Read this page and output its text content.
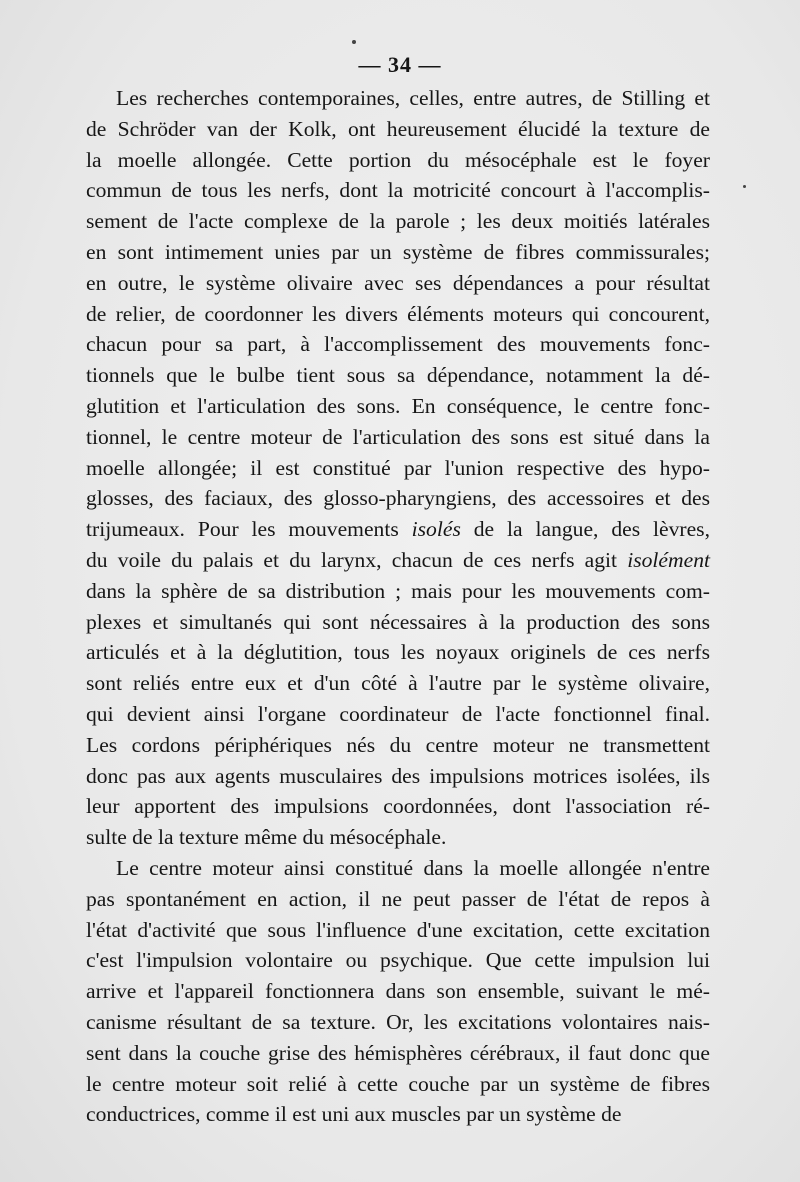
— 34 —
Les recherches contemporaines, celles, entre autres, de Stilling et
de Schröder van der Kolk, ont heureusement élucidé la texture de
la moelle allongée. Cette portion du mésocéphale est le foyer
commun de tous les nerfs, dont la motricité concourt à l'accomplis-
sement de l'acte complexe de la parole ; les deux moitiés latérales
en sont intimement unies par un système de fibres commissurales;
en outre, le système olivaire avec ses dépendances a pour résultat
de relier, de coordonner les divers éléments moteurs qui concourent,
chacun pour sa part, à l'accomplissement des mouvements fonc-
tionnels que le bulbe tient sous sa dépendance, notamment la dé-
glutition et l'articulation des sons. En conséquence, le centre fonc-
tionnel, le centre moteur de l'articulation des sons est situé dans la
moelle allongée; il est constitué par l'union respective des hypo-
glosses, des faciaux, des glosso-pharyngiens, des accessoires et des
trijumeaux. Pour les mouvements isolés de la langue, des lèvres,
du voile du palais et du larynx, chacun de ces nerfs agit isolément
dans la sphère de sa distribution ; mais pour les mouvements com-
plexes et simultanés qui sont nécessaires à la production des sons
articulés et à la déglutition, tous les noyaux originels de ces nerfs
sont reliés entre eux et d'un côté à l'autre par le système olivaire,
qui devient ainsi l'organe coordinateur de l'acte fonctionnel final.
Les cordons périphériques nés du centre moteur ne transmettent
donc pas aux agents musculaires des impulsions motrices isolées, ils
leur apportent des impulsions coordonnées, dont l'association ré-
sulte de la texture même du mésocéphale.
Le centre moteur ainsi constitué dans la moelle allongée n'entre
pas spontanément en action, il ne peut passer de l'état de repos à
l'état d'activité que sous l'influence d'une excitation, cette excitation
c'est l'impulsion volontaire ou psychique. Que cette impulsion lui
arrive et l'appareil fonctionnera dans son ensemble, suivant le mé-
canisme résultant de sa texture. Or, les excitations volontaires nais-
sent dans la couche grise des hémisphères cérébraux, il faut donc que
le centre moteur soit relié à cette couche par un système de fibres
conductrices, comme il est uni aux muscles par un système de
